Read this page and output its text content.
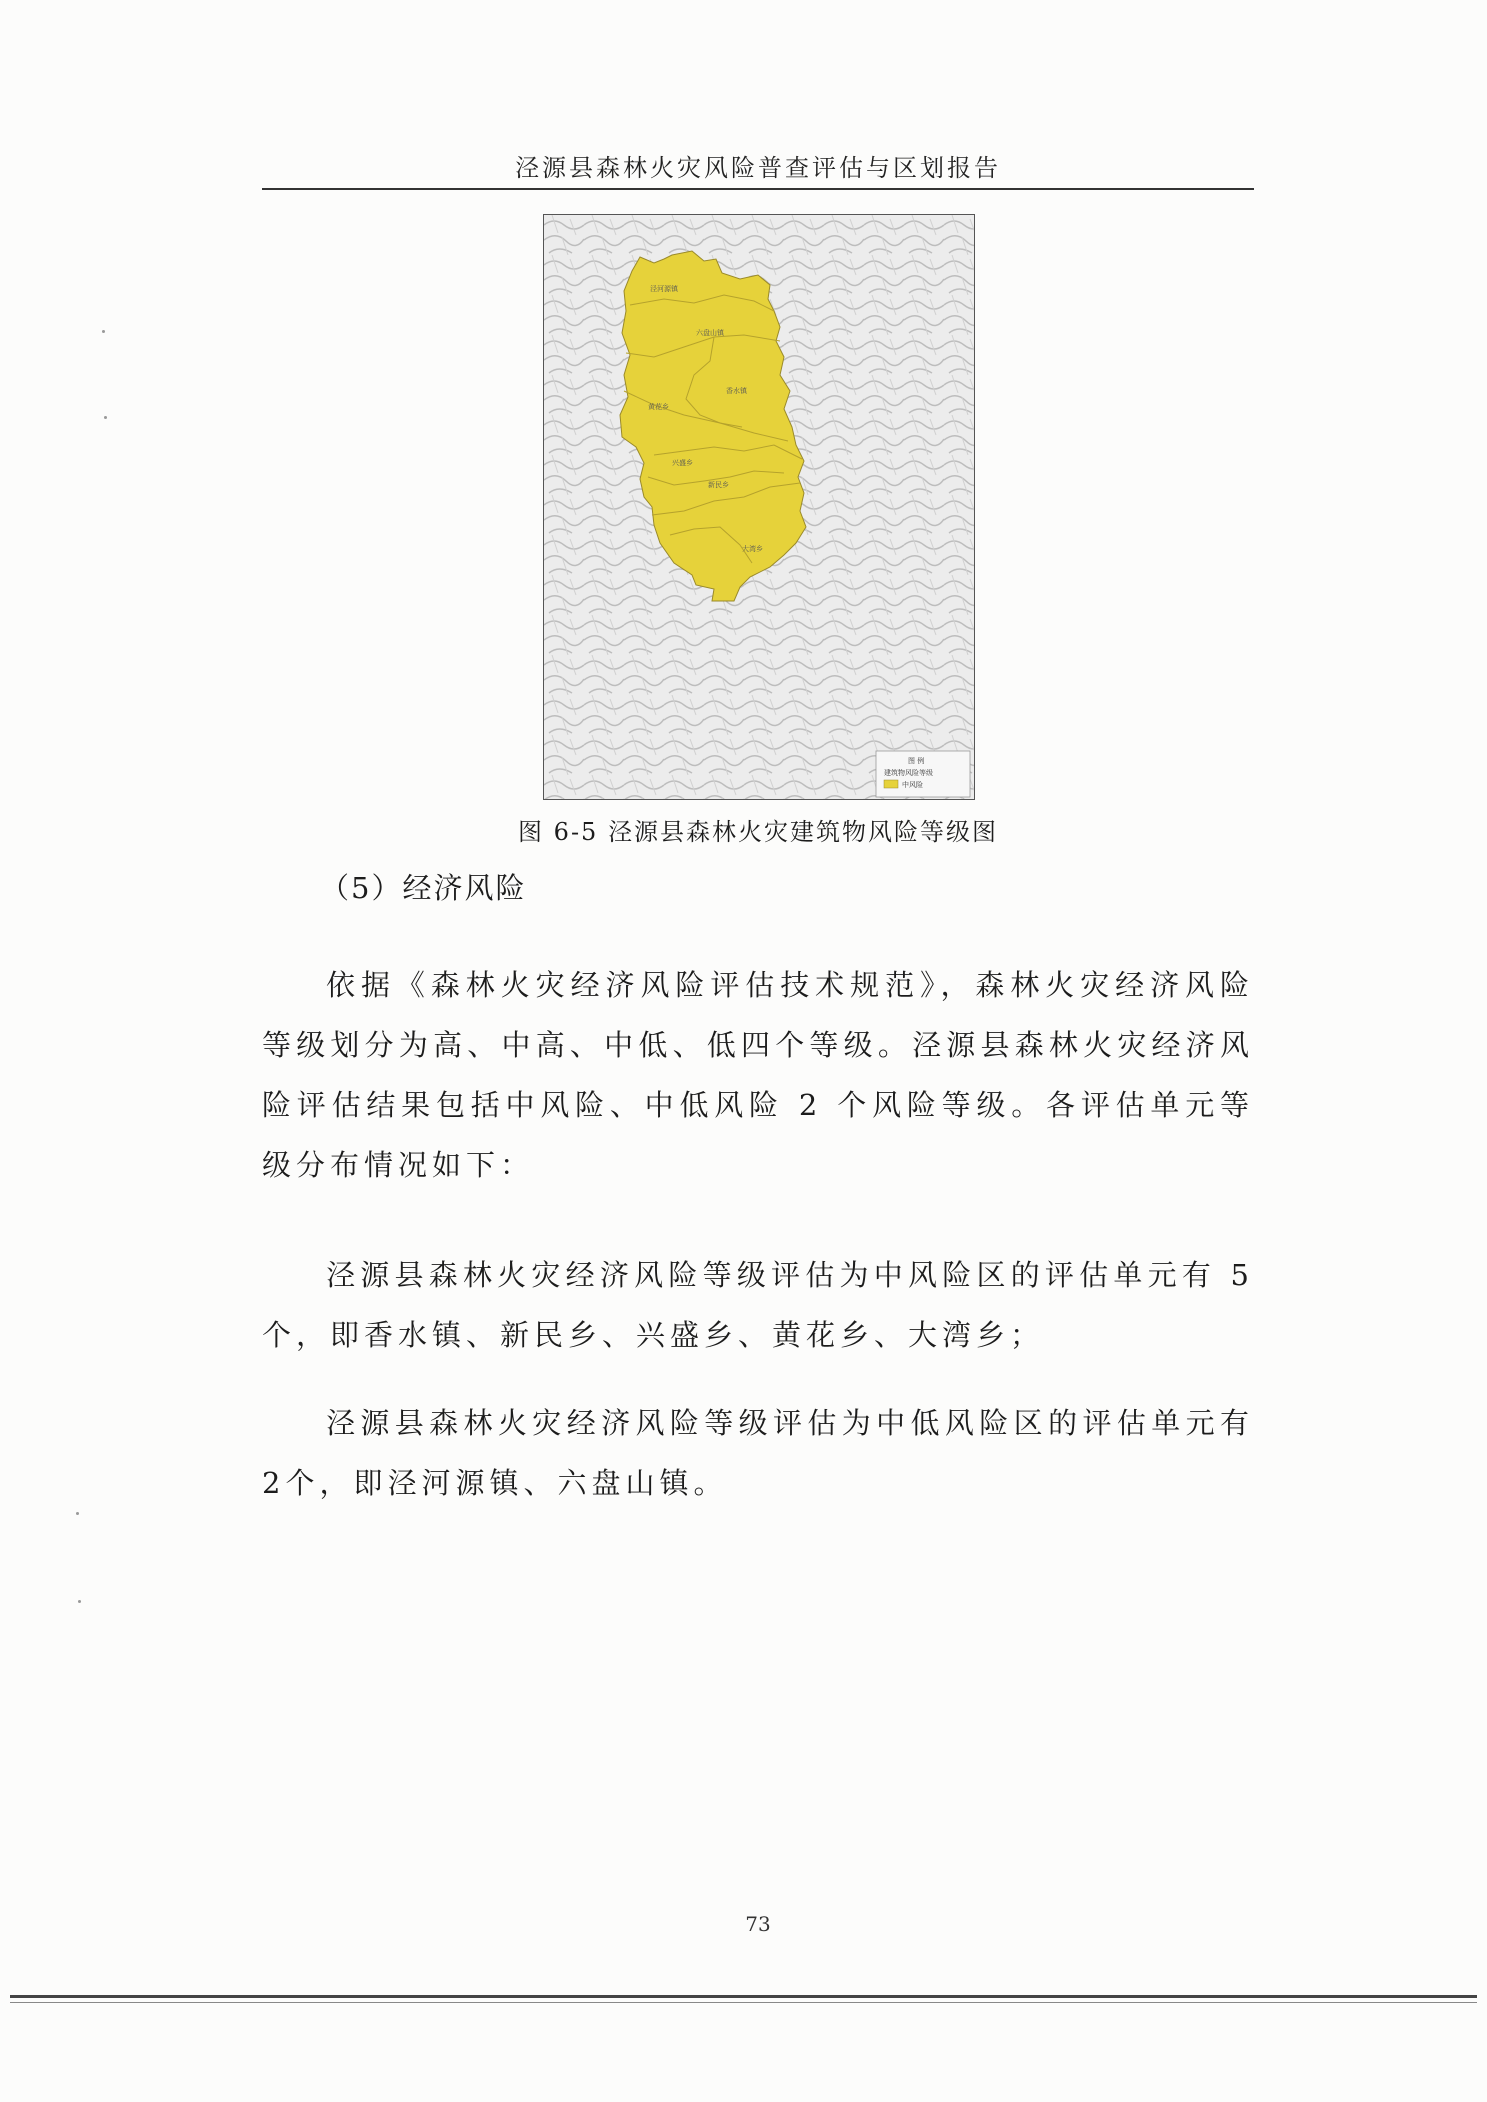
泾源县森林火灾风险普查评估与区划报告
泾河源镇
六盘山镇
黄花乡
香水镇
兴盛乡
新民乡
大湾乡
图 例
建筑物风险等级
中风险
图 6-5 泾源县森林火灾建筑物风险等级图
（5）经济风险

依据《森林火灾经济风险评估技术规范》，森林火灾经济风险等级划分为高、中高、中低、低四个等级。泾源县森林火灾经济风险评估结果包括中风险、中低风险 2 个风险等级。各评估单元等级分布情况如下：

泾源县森林火灾经济风险等级评估为中风险区的评估单元有 5 个，即香水镇、新民乡、兴盛乡、黄花乡、大湾乡；

泾源县森林火灾经济风险等级评估为中低风险区的评估单元有2个，即泾河源镇、六盘山镇。

73
